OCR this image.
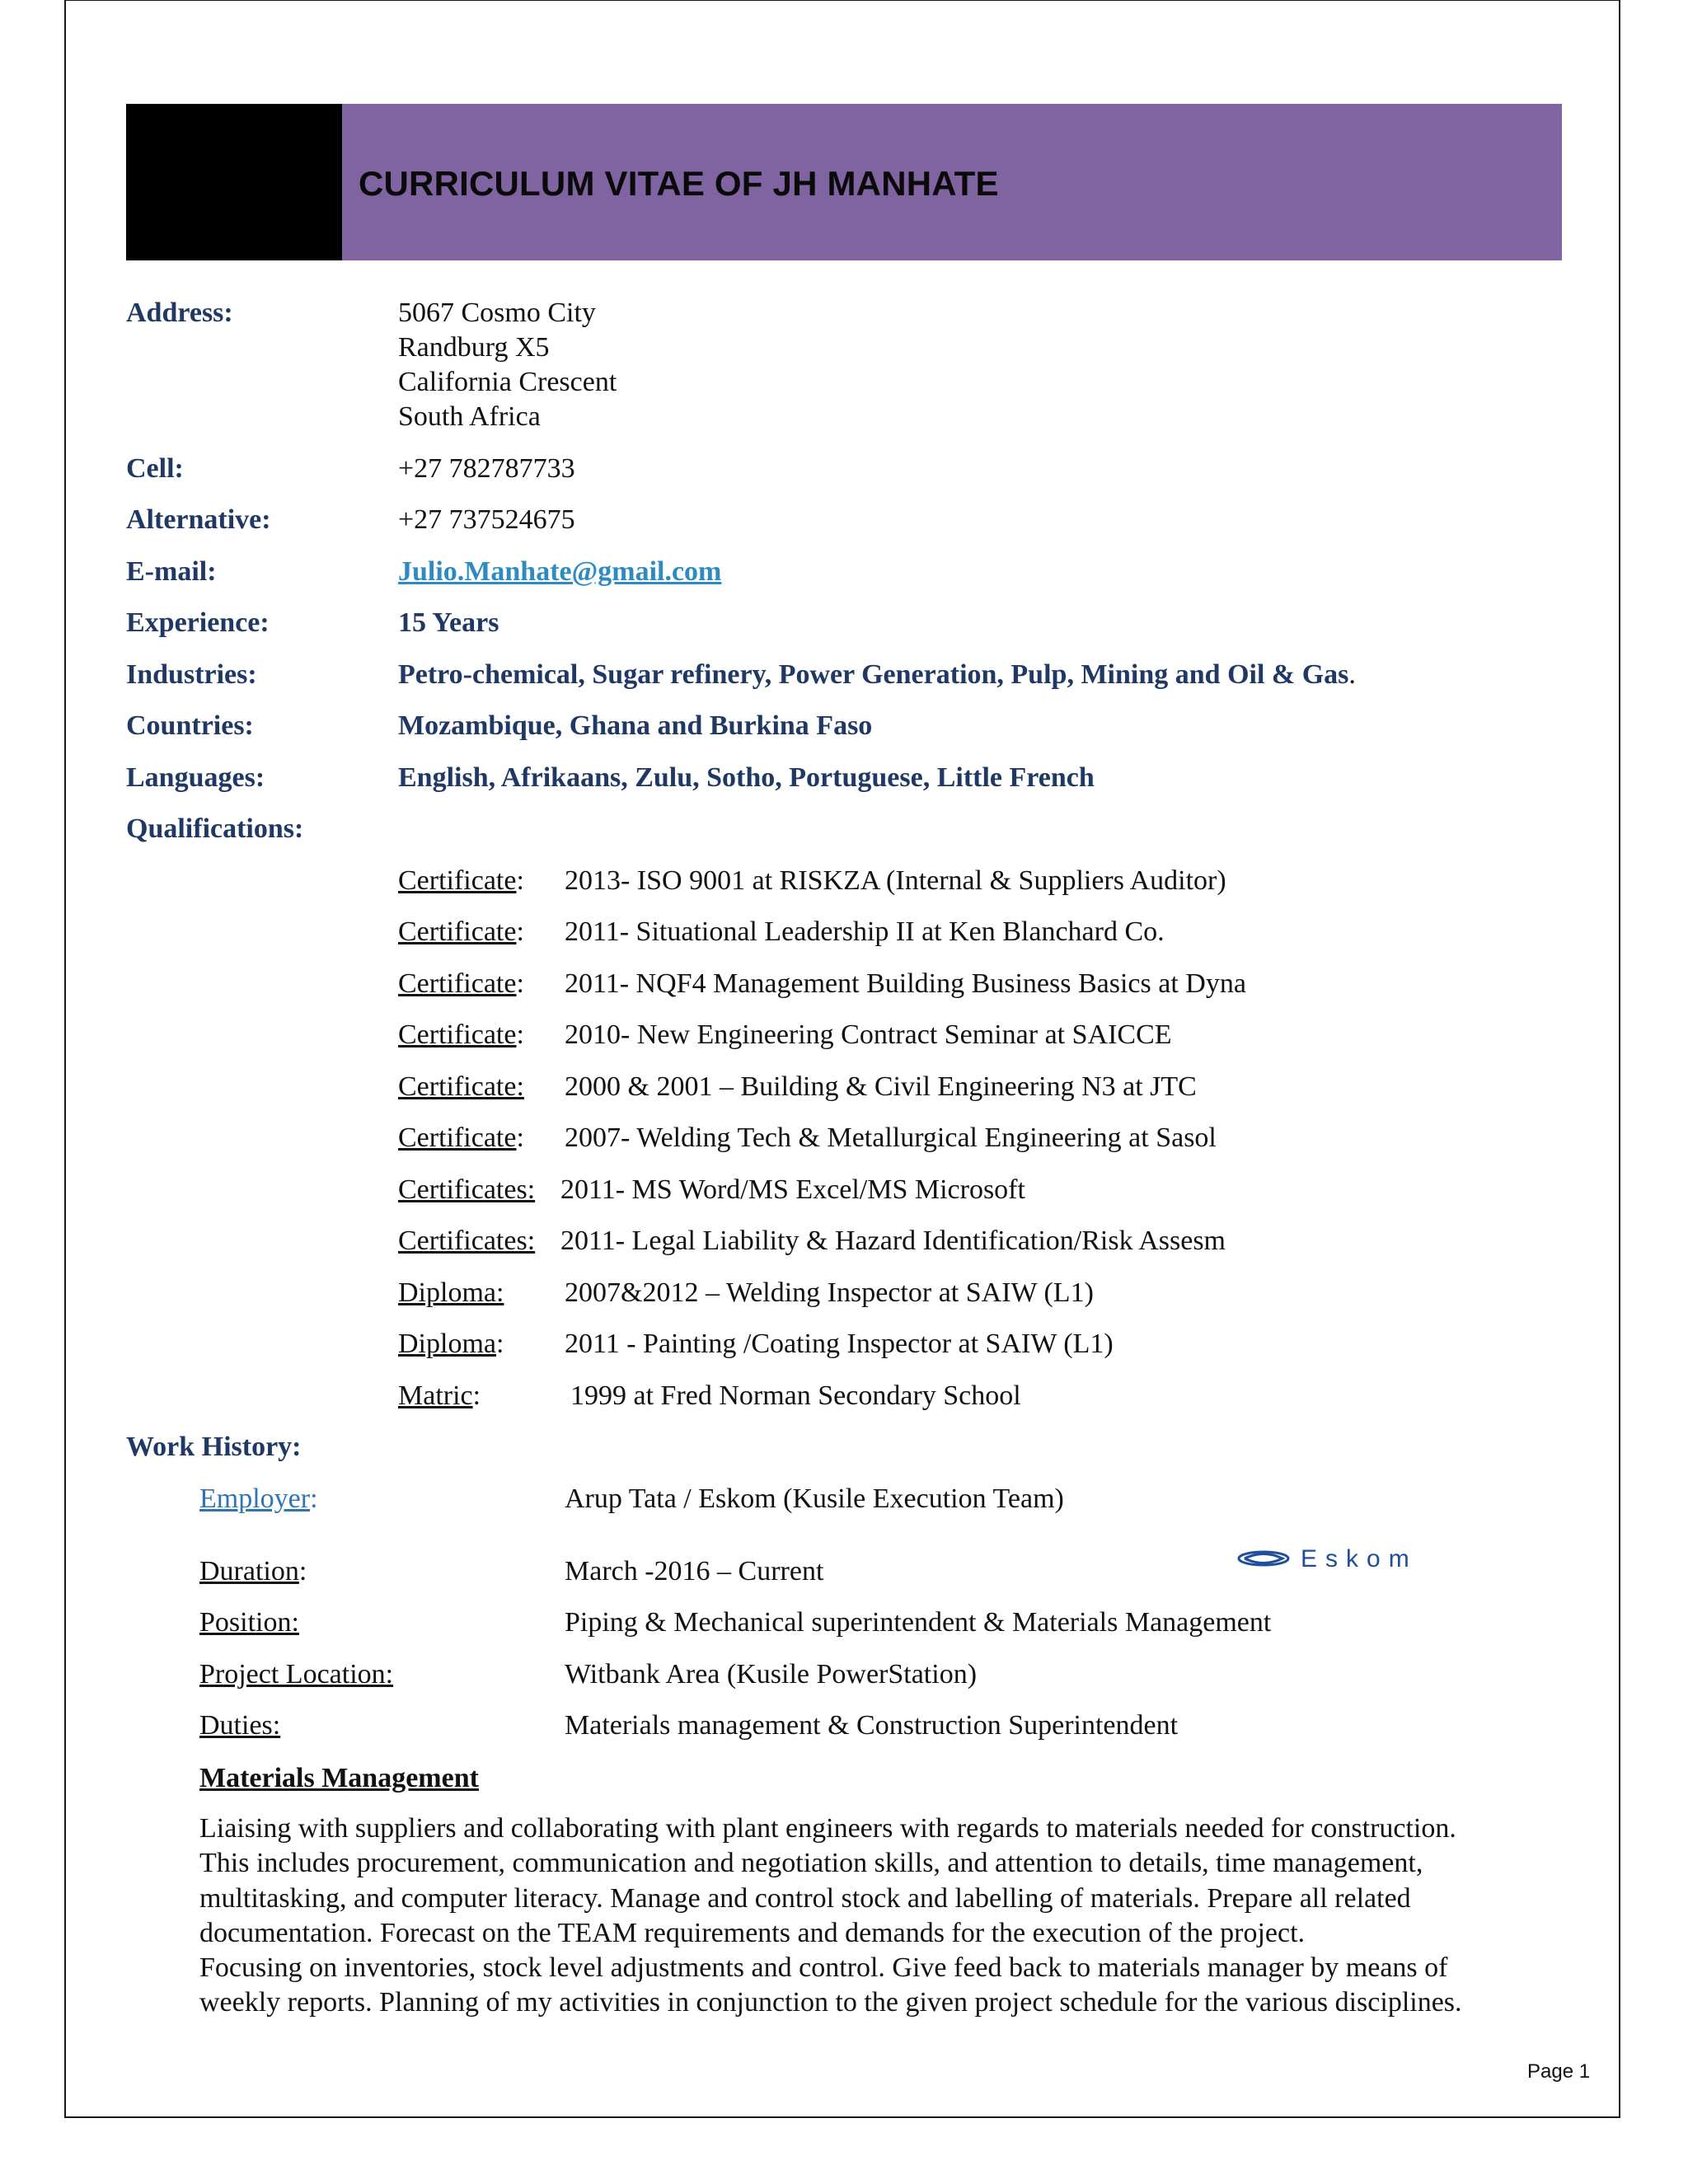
CURRICULUM VITAE OF JH MANHATE
Address:	5067 Cosmo City
Randburg X5
California Crescent
South Africa
Cell:	+27 782787733
Alternative:	+27 737524675
E-mail:	Julio.Manhate@gmail.com
Experience:	15 Years
Industries:	Petro-chemical, Sugar refinery, Power Generation, Pulp, Mining and Oil & Gas.
Countries:	Mozambique, Ghana and Burkina Faso
Languages:	English, Afrikaans, Zulu, Sotho, Portuguese, Little French
Qualifications:
Certificate: 2013- ISO 9001 at RISKZA (Internal & Suppliers Auditor)
Certificate: 2011- Situational Leadership II at Ken Blanchard Co.
Certificate: 2011- NQF4 Management Building Business Basics at Dyna
Certificate: 2010- New Engineering Contract Seminar at SAICCE
Certificate: 2000 & 2001 – Building & Civil Engineering N3 at JTC
Certificate: 2007- Welding Tech & Metallurgical Engineering at Sasol
Certificates: 2011- MS Word/MS Excel/MS Microsoft
Certificates: 2011- Legal Liability & Hazard Identification/Risk Assesm
Diploma: 2007&2012 – Welding Inspector at SAIW (L1)
Diploma: 2011 - Painting /Coating Inspector at SAIW (L1)
Matric:	1999 at Fred Norman Secondary School
Work History:
Employer:	Arup Tata / Eskom (Kusile Execution Team)
Duration:	March -2016 – Current	Eskom
Position:	Piping & Mechanical superintendent & Materials Management
Project Location:	Witbank Area (Kusile PowerStation)
Duties:	Materials management & Construction Superintendent
Materials Management
Liaising with suppliers and collaborating with plant engineers with regards to materials needed for construction.
This includes procurement, communication and negotiation skills, and attention to details, time management,
multitasking, and computer literacy. Manage and control stock and labelling of materials. Prepare all related
documentation. Forecast on the TEAM requirements and demands for the execution of the project.
Focusing on inventories, stock level adjustments and control. Give feed back to materials manager by means of
weekly reports. Planning of my activities in conjunction to the given project schedule for the various disciplines.
Page 1
